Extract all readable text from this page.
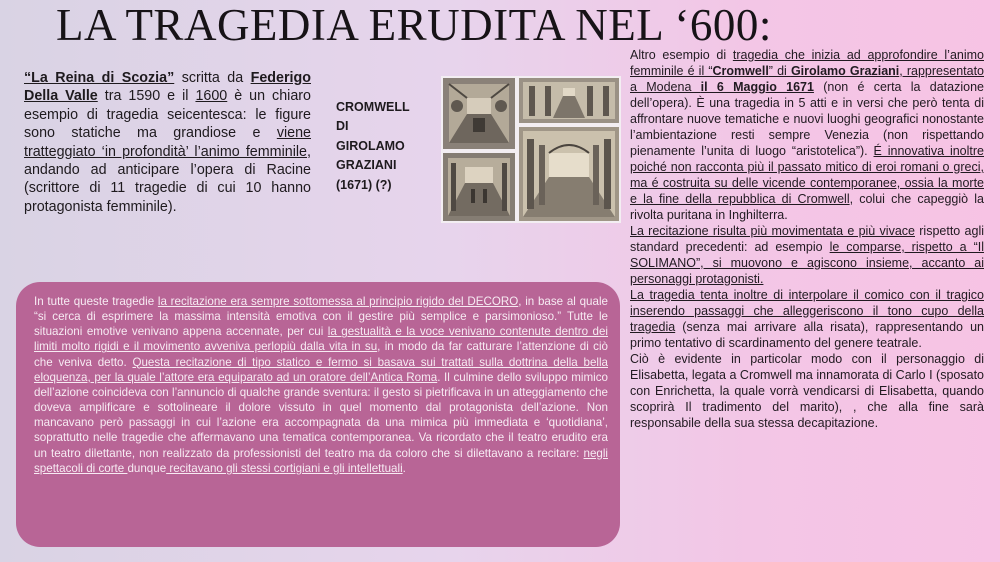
LA TRAGEDIA ERUDITA NEL ‘600:
“La Reina di Scozia” scritta da Federigo Della Valle tra 1590 e il 1600 è un chiaro esempio di tragedia seicentesca: le figure sono statiche ma grandiose e viene tratteggiato ‘in profondità’ l’animo femminile, andando ad anticipare l’opera di Racine (scrittore di 11 tragedie di cui 10 hanno protagonista femminile).
CROMWELL
DI
GIROLAMO
GRAZIANI
(1671) (?)

Altro esempio di tragedia che inizia ad approfondire l’animo femminile é il “Cromwell” di Girolamo Graziani, rappresentato a Modena il 6 Maggio 1671 (non é certa la datazione dell’opera). È una tragedia in 5 atti e in versi che però tenta di affrontare nuove tematiche e nuovi luoghi geografici nonostante l’ambientazione resti sempre Venezia (non rispettando pienamente l’unita di luogo “aristotelica”). É innovativa inoltre poiché non racconta più il passato mitico di eroi romani o greci, ma é costruita su delle vicende contemporanee, ossia la morte e la fine della repubblica di Cromwell, colui che capeggiò la rivolta puritana in Inghilterra.

La recitazione risulta più movimentata e più vivace rispetto agli standard precedenti: ad esempio le comparse, rispetto a “Il SOLIMANO”, si muovono e agiscono insieme, accanto ai personaggi protagonisti.

La tragedia tenta inoltre di interpolare il comico con il tragico inserendo passaggi che alleggeriscono il tono cupo della tragedia (senza mai arrivare alla risata), rappresentando un primo tentativo di scardinamento del genere teatrale.

Ciò è evidente in particolar modo con il personaggio di Elisabetta, legata a Cromwell ma innamorata di Carlo I (sposato con Enrichetta, la quale vorrà vendicarsi di Elisabetta, quando scoprirà Il tradimento del marito), , che alla fine sarà responsabile della sua stessa decapitazione.

In tutte queste tragedie la recitazione era sempre sottomessa al principio rigido del DECORO, in base al quale “si cerca di esprimere la massima intensità emotiva con il gestire più semplice e parsimonioso.” Tutte le situazioni emotive venivano appena accennate, per cui la gestualità e la voce venivano contenute dentro dei limiti molto rigidi e il movimento avveniva perlopiù dalla vita in su, in modo da far catturare l’attenzione di ciò che veniva detto. Questa recitazione di tipo statico e fermo si basava sui trattati sulla dottrina della bella eloquenza, per la quale l’attore era equiparato ad un oratore dell’Antica Roma. Il culmine dello sviluppo mimico dell’azione coincideva con l’annuncio di qualche grande sventura: il gesto si pietrificava in un atteggiamento che doveva amplificare e sottolineare il dolore vissuto in quel momento dal protagonista dell’azione. Non mancavano però passaggi in cui l’azione era accompagnata da una mimica più immediata e ‘quotidiana’, soprattutto nelle tragedie che affermavano una tematica contemporanea. Va ricordato che il teatro erudito era un teatro dilettante, non realizzato da professionisti del teatro ma da coloro che si dilettavano a recitare: negli spettacoli di corte dunque recitavano gli stessi cortigiani e gli intellettuali.
